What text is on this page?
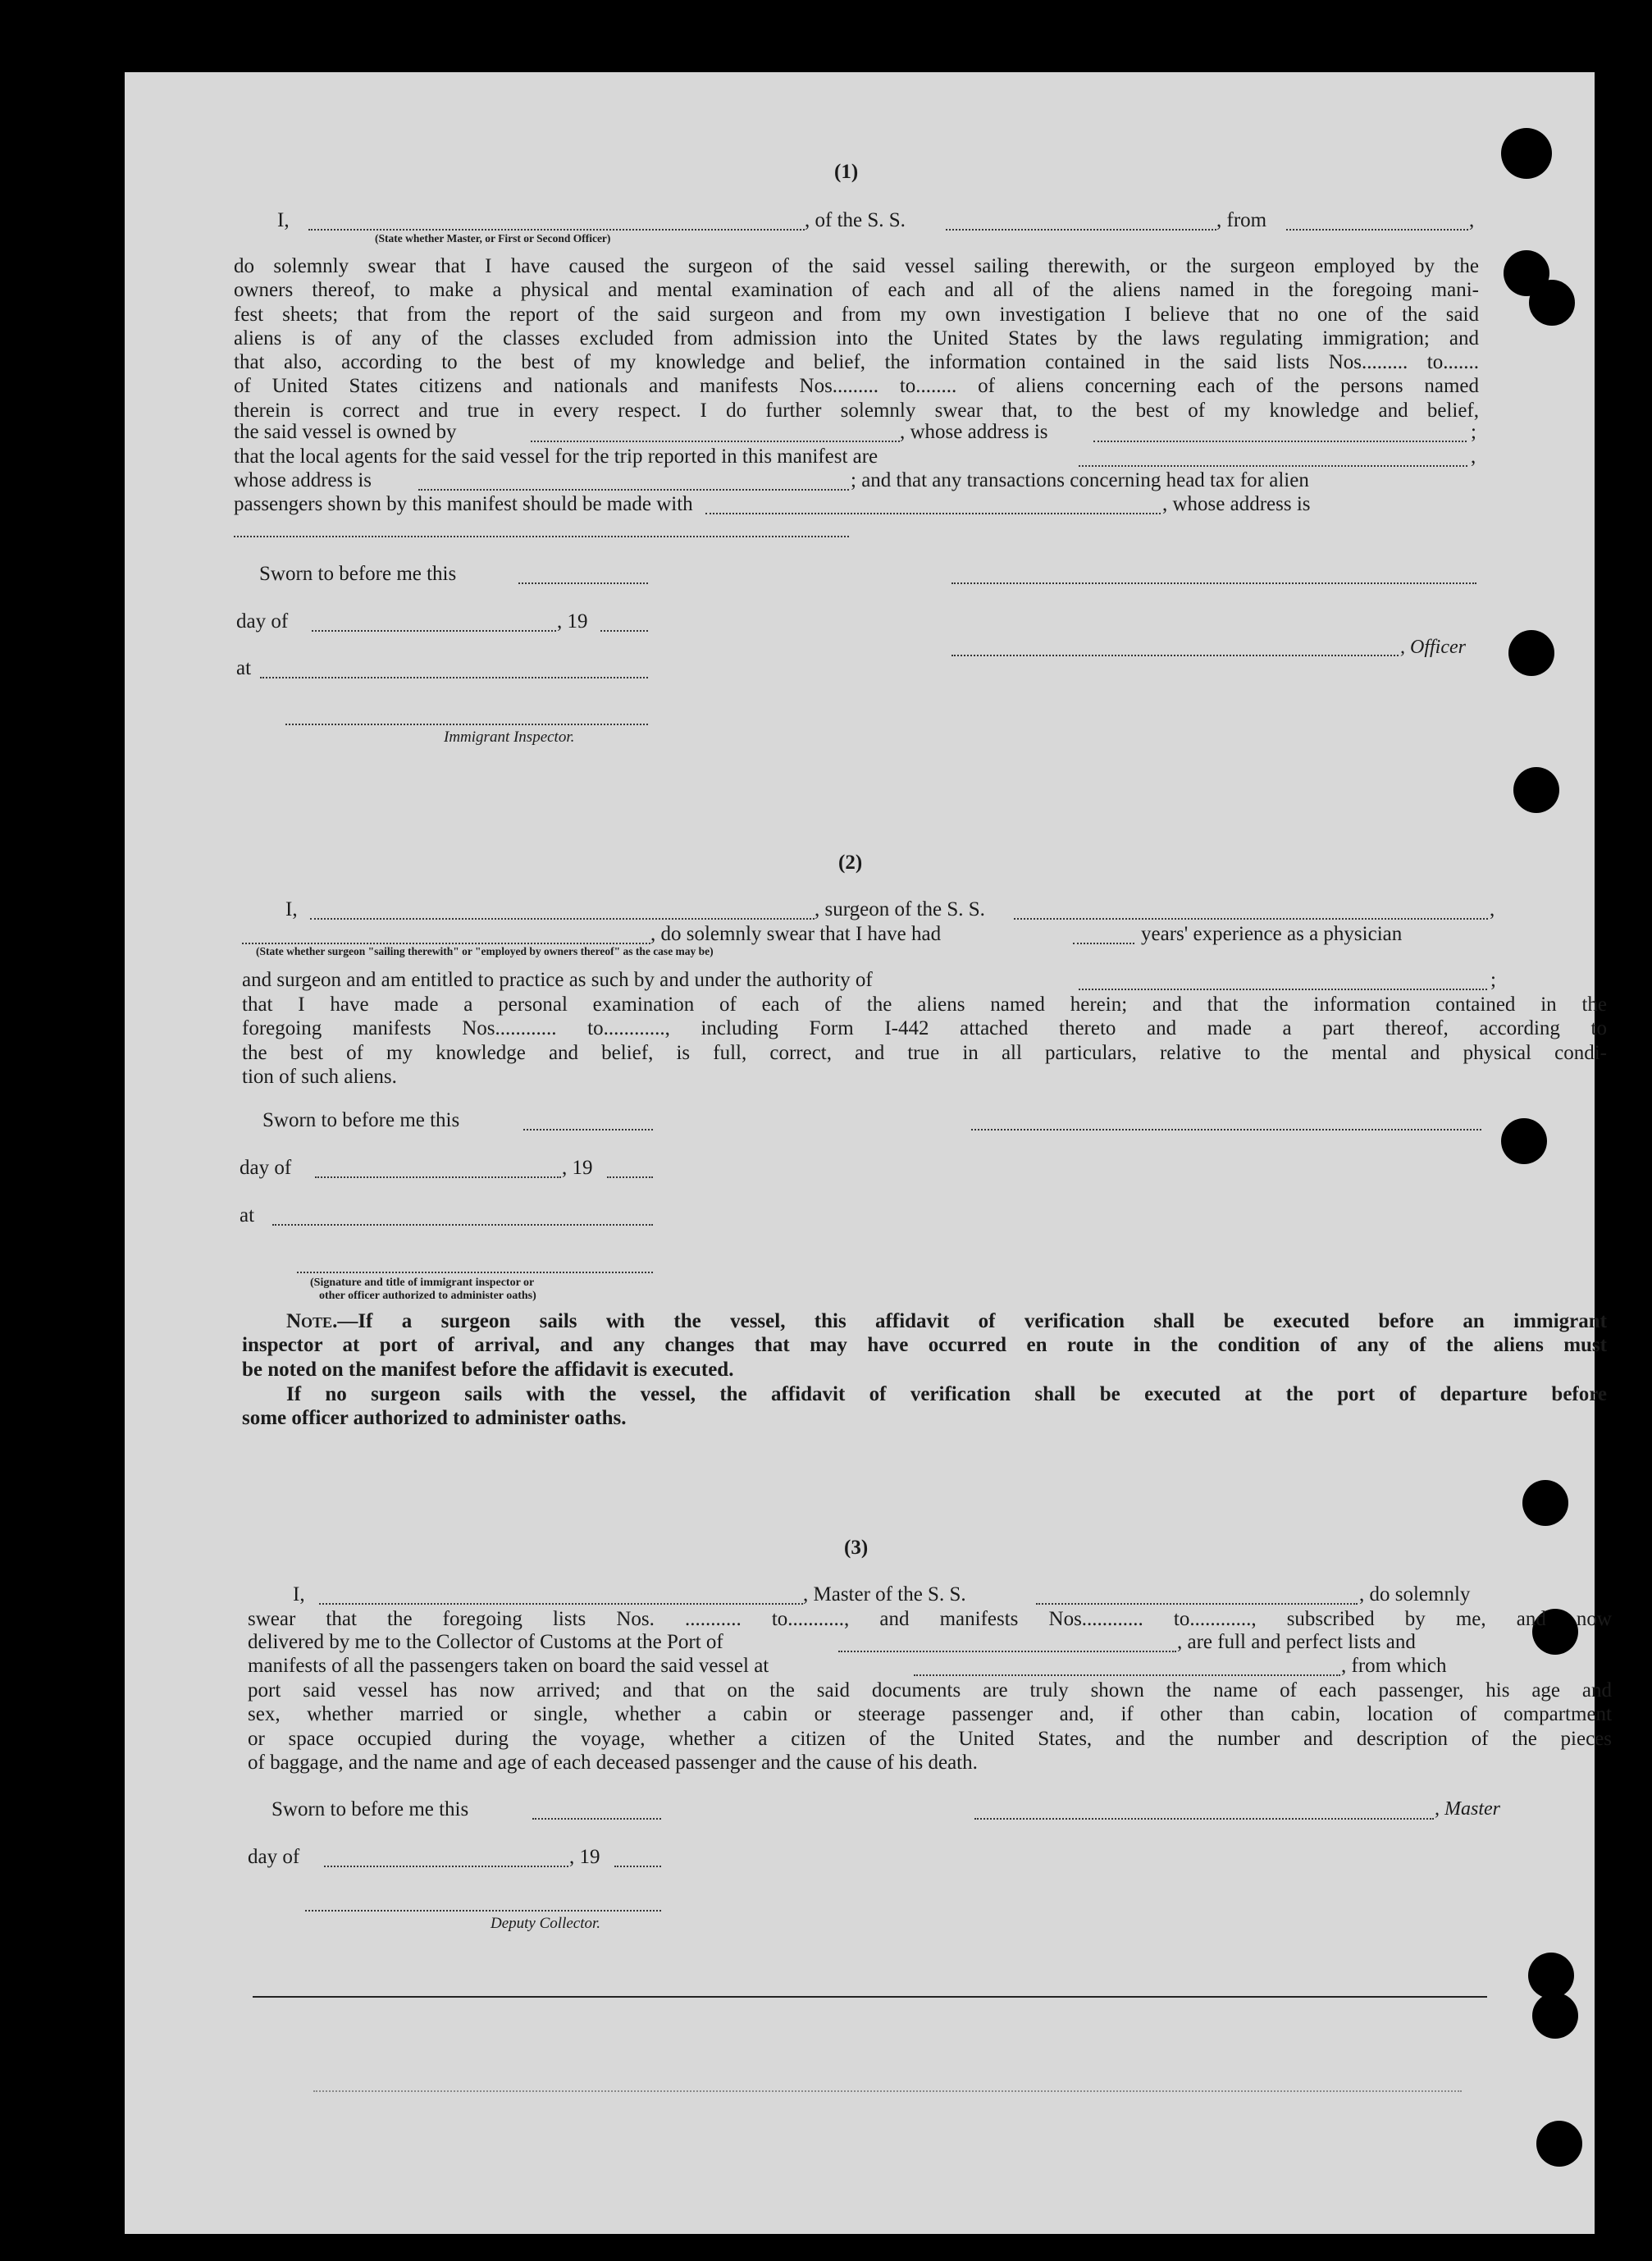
(1)
I,	, of the S. S.	, from	,
(State whether Master, or First or Second Officer)
do solemnly swear that I have caused the surgeon of the said vessel sailing therewith, or the surgeon employed by the
owners thereof, to make a physical and mental examination of each and all of the aliens named in the foregoing mani-
fest sheets; that from the report of the said surgeon and from my own investigation I believe that no one of the said
aliens is of any of the classes excluded from admission into the United States by the laws regulating immigration; and
that also, according to the best of my knowledge and belief, the information contained in the said lists Nos......... to.......
of United States citizens and nationals and manifests Nos......... to........ of aliens concerning each of the persons named
therein is correct and true in every respect. I do further solemnly swear that, to the best of my knowledge and belief,
the said vessel is owned by	, whose address is	;
that the local agents for the said vessel for the trip reported in this manifest are	,
whose address is	; and that any transactions concerning head tax for alien
passengers shown by this manifest should be made with	, whose address is
Sworn to before me this
day of	, 19
at
, Officer
Immigrant Inspector.
(2)
I,	, surgeon of the S. S.	,
, do solemnly swear that I have had	years' experience as a physician
(State whether surgeon "sailing therewith" or "employed by owners thereof" as the case may be)
and surgeon and am entitled to practice as such by and under the authority of	;
that I have made a personal examination of each of the aliens named herein; and that the information contained in the
foregoing manifests Nos............ to............, including Form I-442 attached thereto and made a part thereof, according to
the best of my knowledge and belief, is full, correct, and true in all particulars, relative to the mental and physical condi-
tion of such aliens.
Sworn to before me this
day of	, 19
at
(Signature and title of immigrant inspector or
other officer authorized to administer oaths)
Note.—If a surgeon sails with the vessel, this affidavit of verification shall be executed before an immigrant
inspector at port of arrival, and any changes that may have occurred en route in the condition of any of the aliens must
be noted on the manifest before the affidavit is executed.
If no surgeon sails with the vessel, the affidavit of verification shall be executed at the port of departure before
some officer authorized to administer oaths.
(3)
I,	, Master of the S. S.	, do solemnly
swear that the foregoing lists Nos. ........... to..........., and manifests Nos............ to............, subscribed by me, and now
delivered by me to the Collector of Customs at the Port of	, are full and perfect lists and
manifests of all the passengers taken on board the said vessel at	, from which
port said vessel has now arrived; and that on the said documents are truly shown the name of each passenger, his age and
sex, whether married or single, whether a cabin or steerage passenger and, if other than cabin, location of compartment
or space occupied during the voyage, whether a citizen of the United States, and the number and description of the pieces
of baggage, and the name and age of each deceased passenger and the cause of his death.
Sworn to before me this	, Master
day of	, 19
Deputy Collector.
